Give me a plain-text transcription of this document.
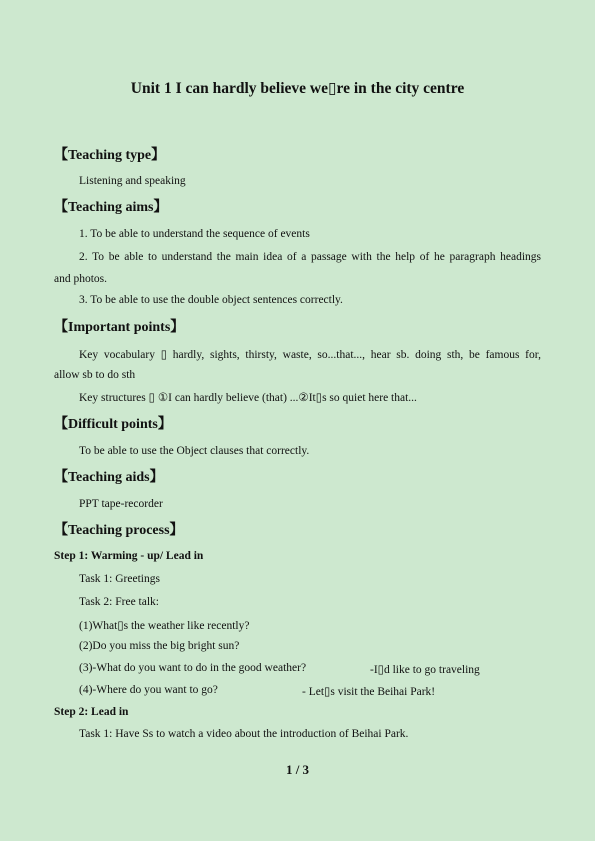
Unit 1 I can hardly believe we▯re in the city centre
【Teaching type】
Listening and speaking
【Teaching aims】
1. To be able to understand the sequence of events
2. To be able to understand the main idea of a passage with the help of he paragraph headings
and photos.
3. To be able to use the double object sentences correctly.
【Important points】
Key vocabulary ▯ hardly, sights, thirsty, waste, so...that..., hear sb. doing sth, be famous for,
allow sb to do sth
Key structures ▯ ①I can hardly believe (that) ...②It▯s so quiet here that...
【Difficult points】
To be able to use the Object clauses that correctly.
【Teaching aids】
PPT tape-recorder
【Teaching process】
Step 1: Warming - up/ Lead in
Task 1: Greetings
Task 2: Free talk:
(1)What▯s the weather like recently?
(2)Do you miss the big bright sun?
(3)-What do you want to do in the good weather?	-I▯d like to go traveling
(4)-Where do you want to go?	- Let▯s visit the Beihai Park!
Step 2: Lead in
Task 1: Have Ss to watch a video about the introduction of Beihai Park.
1 / 3
